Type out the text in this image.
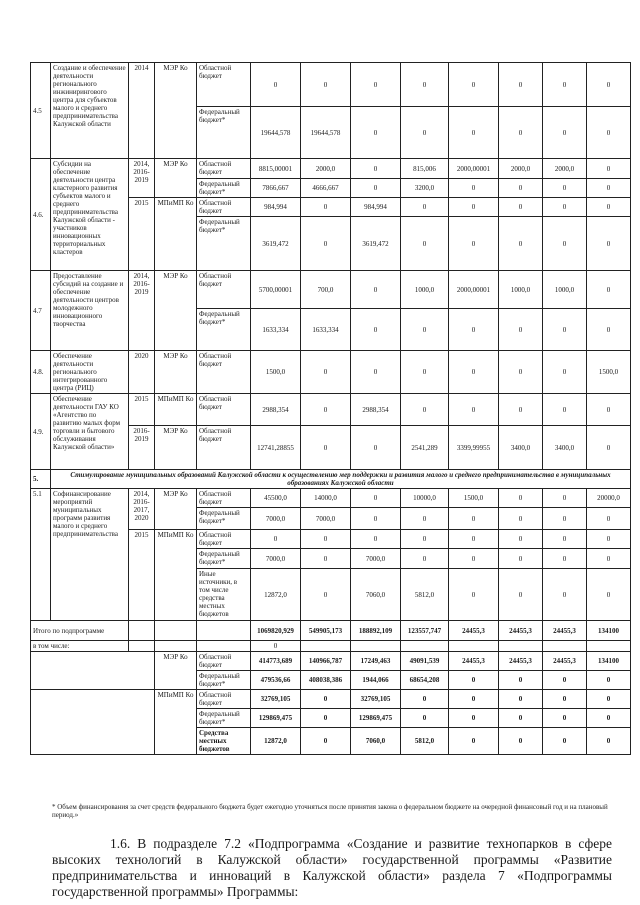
4.5	Создание и обеспечение деятельности регионального инжинирингового центра для субъектов малого и среднего предпринимательства Калужской области	2014	МЭР Ко	Областной бюджет	0	0	0	0	0	0	0	0
				Федеральный бюджет*	19644,578	19644,578	0	0	0	0	0	0
4.6.	Субсидии на обеспечение деятельности центра кластерного развития субъектов малого и среднего предпринимательства Калужской области - участников инновационных территориальных кластеров	2014, 2016-2019	МЭР Ко	Областной бюджет	8815,00001	2000,0	0	815,006	2000,00001	2000,0	2000,0	0
				Федеральный бюджет*	7866,667	4666,667	0	3200,0	0	0	0	0
		2015	МПиМП Ко	Областной бюджет	984,994	0	984,994	0	0	0	0	0
				Федеральный бюджет*	3619,472	0	3619,472	0	0	0	0	0
4.7	Предоставление субсидий на создание и обеспечение деятельности центров молодежного инновационного творчества	2014, 2016-2019	МЭР Ко	Областной бюджет	5700,00001	700,0	0	1000,0	2000,00001	1000,0	1000,0	0
				Федеральный бюджет*	1633,334	1633,334	0	0	0	0	0	0
4.8.	Обеспечение деятельности регионального интегрированного центра (РИЦ)	2020	МЭР Ко	Областной бюджет	1500,0	0	0	0	0	0	0	1500,0
4.9.	Обеспечение деятельности ГАУ КО «Агентство по развитию малых форм торговли и бытового обслуживания Калужской области»	2015	МПиМП Ко	Областной бюджет	2988,354	0	2988,354	0	0	0	0	0
		2016-2019	МЭР Ко	Областной бюджет	12741,28855	0	0	2541,289	3399,99955	3400,0	3400,0	0
5.	Стимулирование муниципальных образований Калужской области к осуществлению мер поддержки и развития малого и среднего предпринимательства в муниципальных образованиях Калужской области											
5.1	Софинансирование мероприятий муниципальных программ развития малого и среднего предпринимательства	2014, 2016-2017, 2020	МЭР Ко	Областной бюджет	45500,0	14000,0	0	10000,0	1500,0	0	0	20000,0
				Федеральный бюджет*	7000,0	7000,0	0	0	0	0	0	0
		2015	МПиМП Ко	Областной бюджет	0	0	0	0	0	0	0	0
				Федеральный бюджет*	7000,0	0	7000,0	0	0	0	0	0
				Иные источники, в том числе средства местных бюджетов	12872,0	0	7060,0	5812,0	0	0	0	0
Итого по подпрограмме					1069820,929	549905,173	188892,109	123557,747	24455,3	24455,3	24455,3	134100
в том числе:					0							
			МЭР Ко	Областной бюджет	414773,689	140966,787	17249,463	49091,539	24455,3	24455,3	24455,3	134100
				Федеральный бюджет*	479536,66	408038,386	1944,066	68654,208	0	0	0	0
			МПиМП Ко	Областной бюджет	32769,105	0	32769,105	0	0	0	0	0
				Федеральный бюджет*	129869,475	0	129869,475	0	0	0	0	0
				Средства местных бюджетов	12872,0	0	7060,0	5812,0	0	0	0	0
* Объем финансирования за счет средств федерального бюджета будет ежегодно уточняться после принятия закона о федеральном бюджете на очередной финансовый год и на плановый период.»
1.6. В подразделе 7.2 «Подпрограмма «Создание и развитие технопарков в сфере высоких технологий в Калужской области» государственной программы «Развитие предпринимательства и инноваций в Калужской области» раздела 7 «Подпрограммы государственной программы» Программы:
